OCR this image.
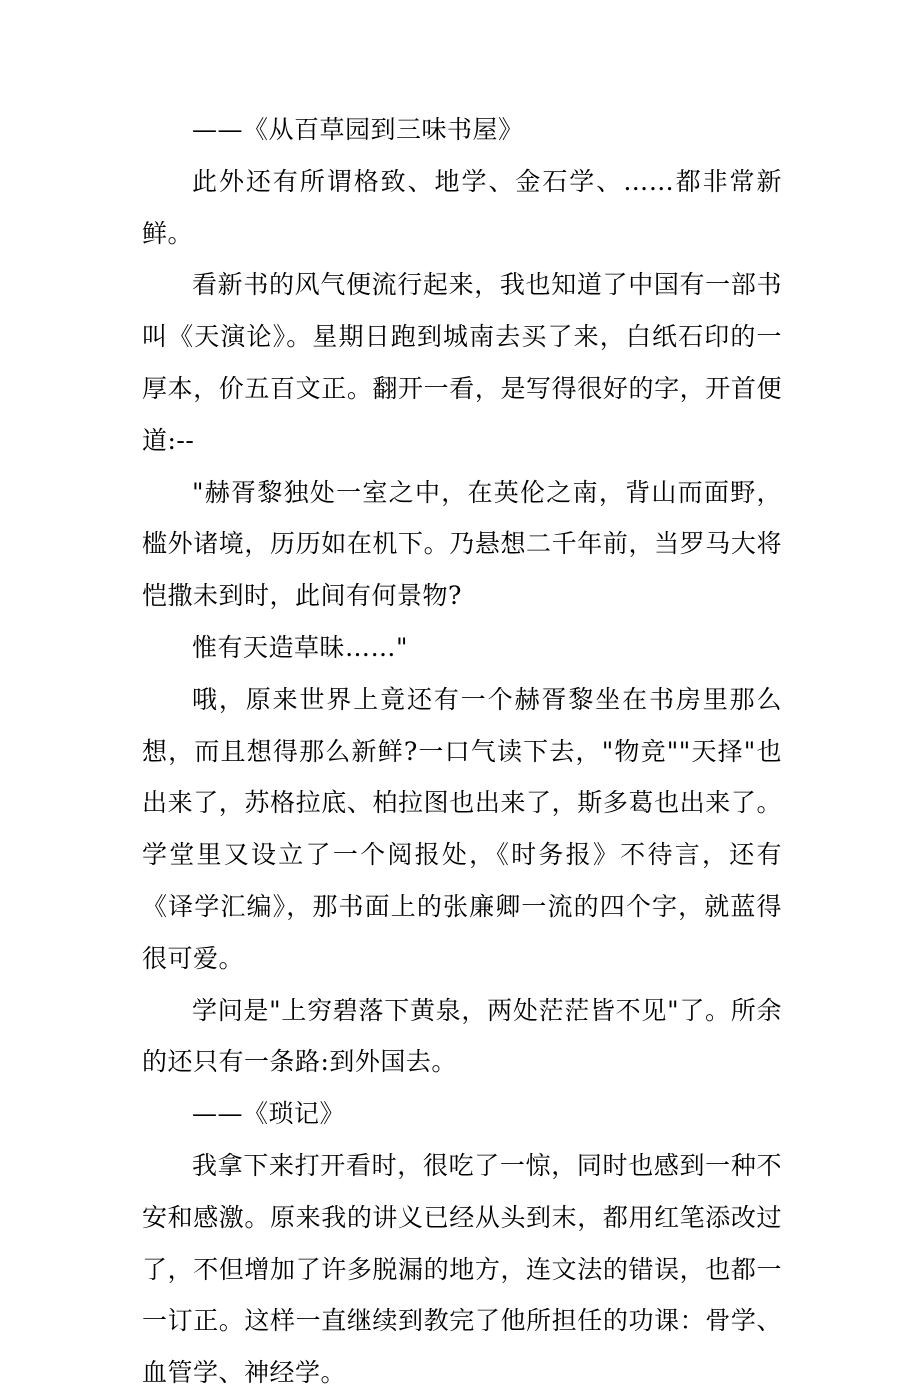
——《从百草园到三味书屋》

此外还有所谓格致、地学、金石学、……都非常新鲜。

看新书的风气便流行起来，我也知道了中国有一部书叫《天演论》。星期日跑到城南去买了来，白纸石印的一厚本，价五百文正。翻开一看，是写得很好的字，开首便道:--

"赫胥黎独处一室之中，在英伦之南，背山而面野，槛外诸境，历历如在机下。乃悬想二千年前，当罗马大将恺撒未到时，此间有何景物?

惟有天造草昧……"

哦，原来世界上竟还有一个赫胥黎坐在书房里那么想，而且想得那么新鲜?一口气读下去，"物竞""天择"也出来了，苏格拉底、柏拉图也出来了，斯多葛也出来了。学堂里又设立了一个阅报处，《时务报》不待言，还有《译学汇编》，那书面上的张廉卿一流的四个字，就蓝得很可爱。

学问是"上穷碧落下黄泉，两处茫茫皆不见"了。所余的还只有一条路:到外国去。

——《琐记》

我拿下来打开看时，很吃了一惊，同时也感到一种不安和感激。原来我的讲义已经从头到末，都用红笔添改过了，不但增加了许多脱漏的地方，连文法的错误，也都一一订正。这样一直继续到教完了他所担任的功课：骨学、血管学、神经学。
